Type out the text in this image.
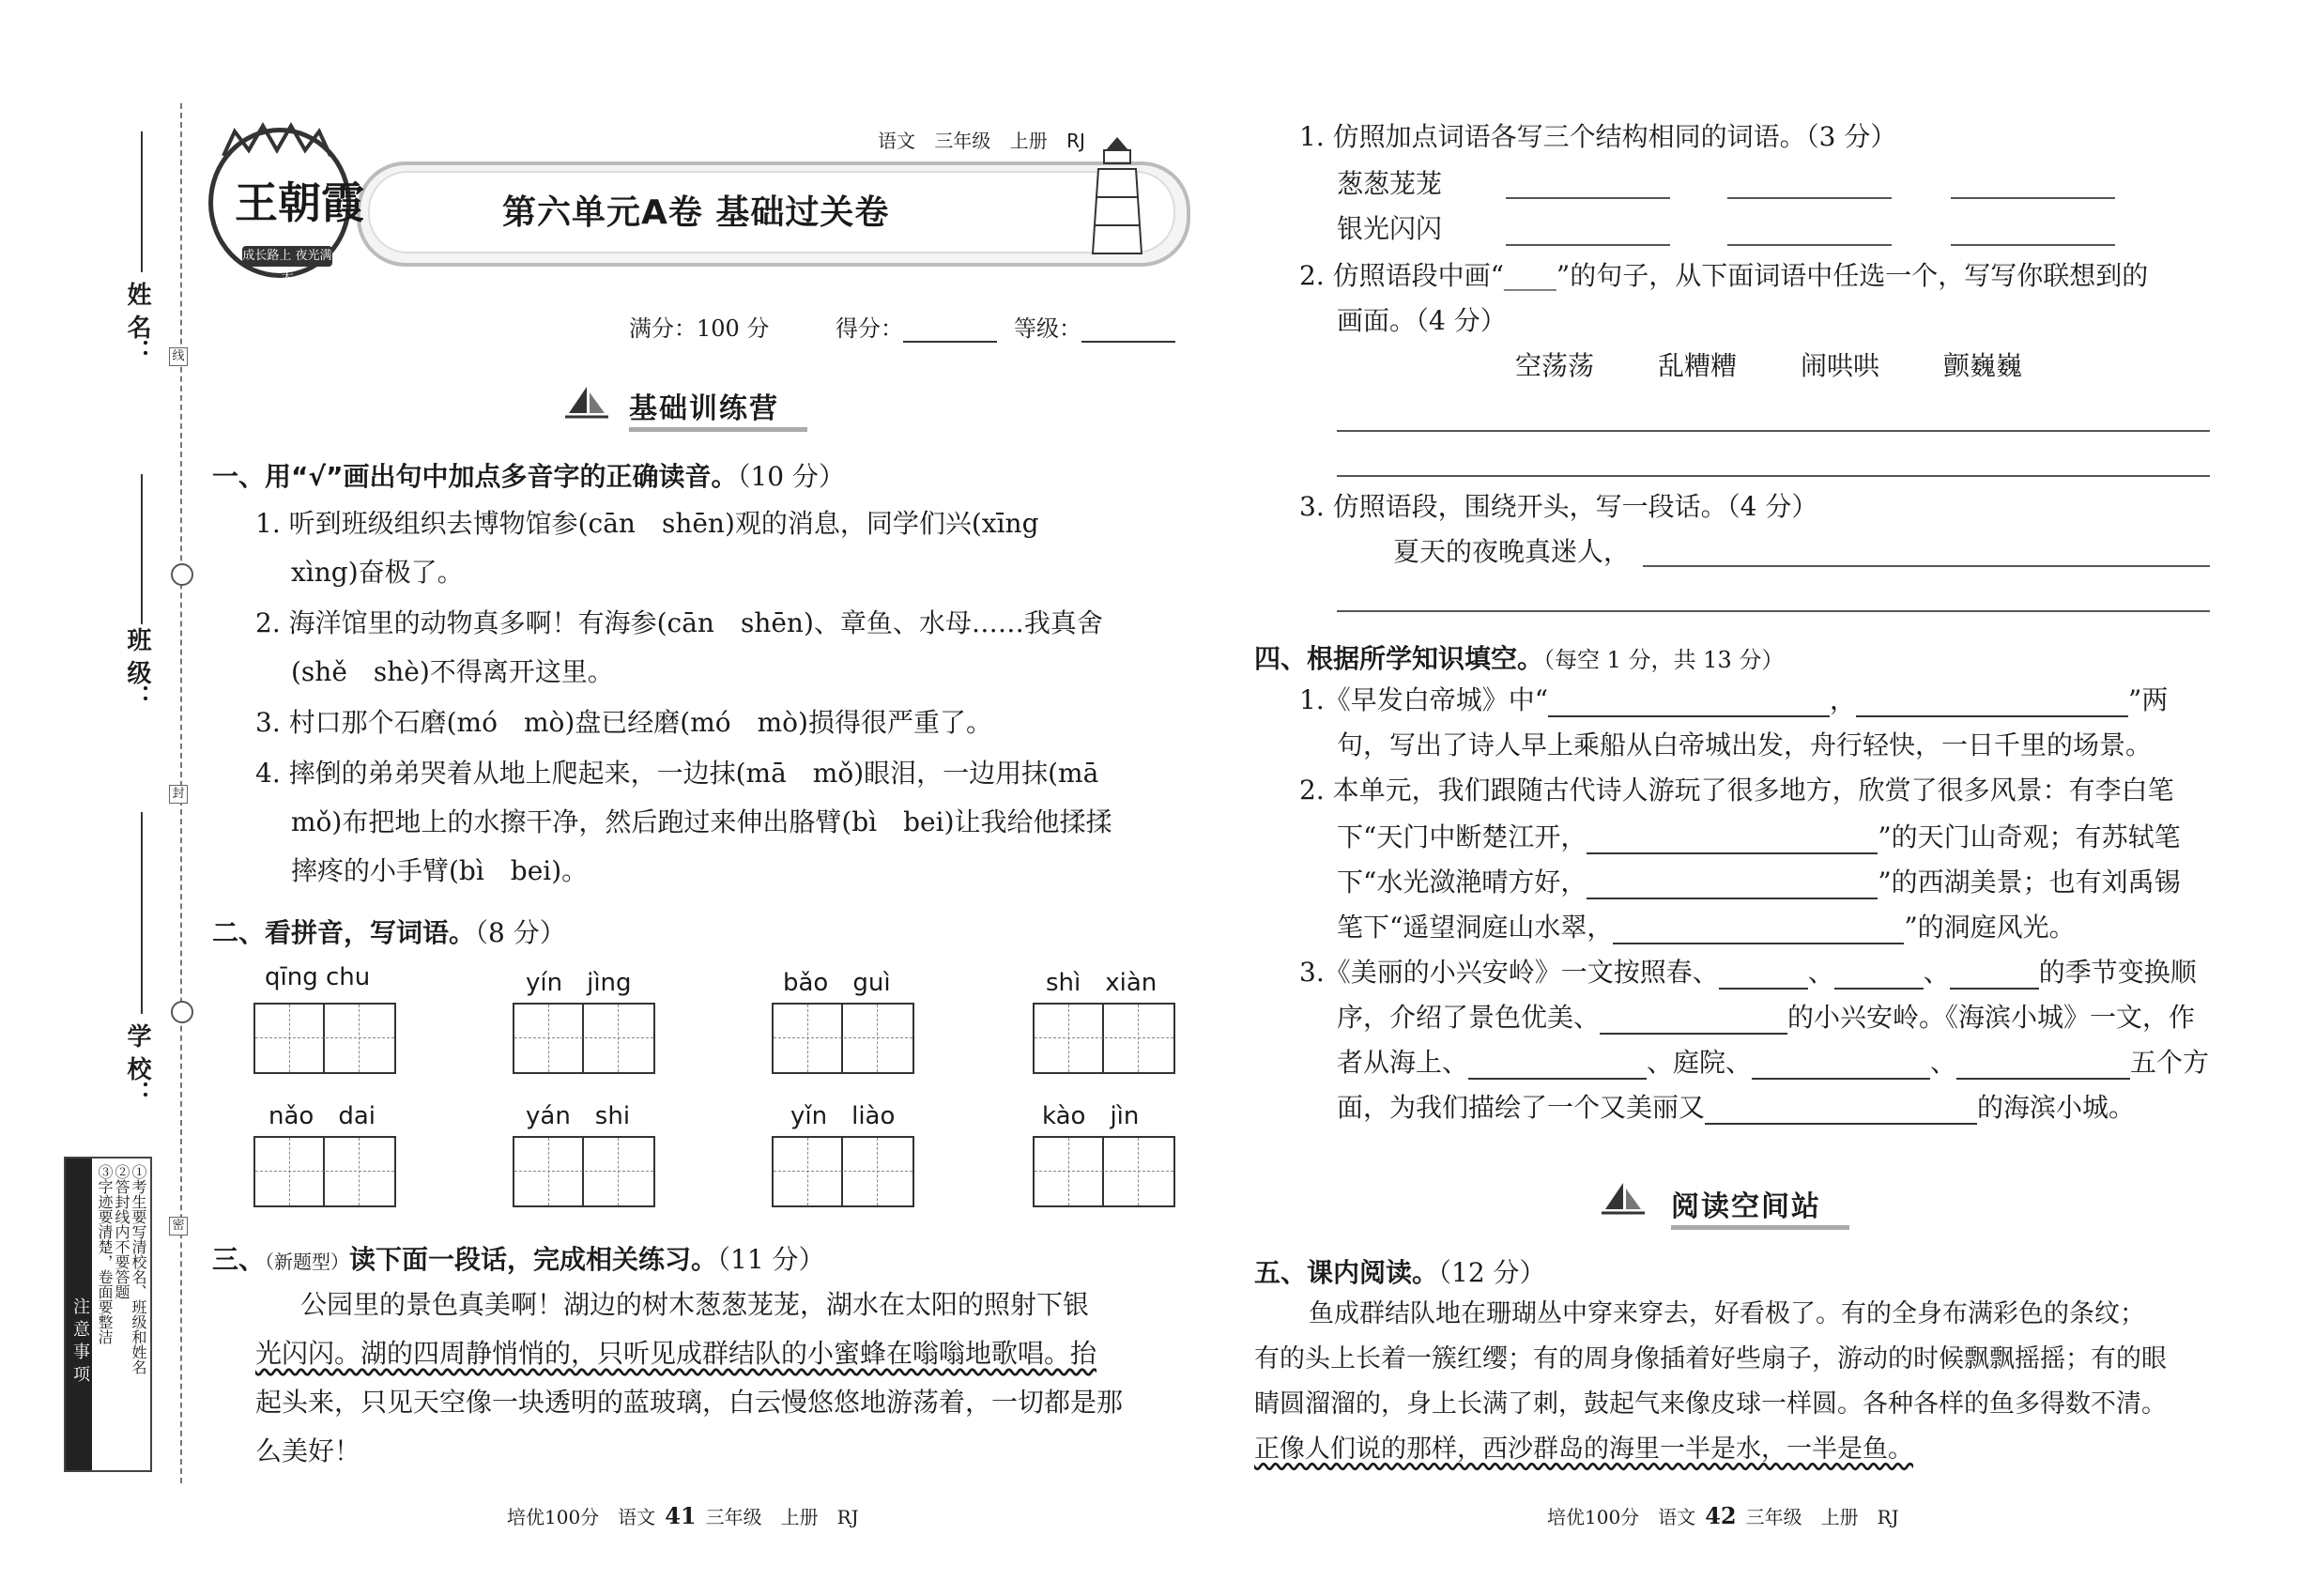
姓 名：	线
班 级：
封
学 校：
密
注意事项	①考生要写清校名、班级和姓名
②答封线内不要答题
③字迹要清楚，卷面要整洁
第六单元A卷 基础过关卷
王朝霞
成长路上 夜光满天
语文 三年级 上册 RJ
满分：100 分	得分：	等级：
基础训练营
一、用“√”画出句中加点多音字的正确读音。（10 分）
1. 听到班级组织去博物馆参(cān　shēn)观的消息，同学们兴(xīng
xìng)奋极了。
2. 海洋馆里的动物真多啊！有海参(cān　shēn)、章鱼、水母……我真舍
(shě　shè)不得离开这里。
3. 村口那个石磨(mó　mò)盘已经磨(mó　mò)损得很严重了。
4. 摔倒的弟弟哭着从地上爬起来，一边抹(mā　mǒ)眼泪，一边用抹(mā
mǒ)布把地上的水擦干净，然后跑过来伸出胳臂(bì　bei)让我给他揉揉
摔疼的小手臂(bì　bei)。
二、看拼音，写词语。（8 分）
qīng chu	yín　jìng	bǎo　guì	shì　xiàn
nǎo　dai	yán　shi	yǐn　liào	kào　jìn
三、（新题型）读下面一段话，完成相关练习。（11 分）
公园里的景色真美啊！湖边的树木葱葱茏茏，湖水在太阳的照射下银
光闪闪。湖的四周静悄悄的，只听见成群结队的小蜜蜂在嗡嗡地歌唱。抬
起头来，只见天空像一块透明的蓝玻璃，白云慢悠悠地游荡着，一切都是那
么美好！
培优100分　语文 41 三年级　上册　RJ
1. 仿照加点词语各写三个结构相同的词语。（3 分）
葱葱茏茏
银光闪闪
2. 仿照语段中画“____”的句子，从下面词语中任选一个，写写你联想到的
画面。（4 分）
空荡荡 乱糟糟 闹哄哄 颤巍巍
3. 仿照语段，围绕开头，写一段话。（4 分）
夏天的夜晚真迷人，
四、根据所学知识填空。（每空 1 分，共 13 分）
1.《早发白帝城》中“	，	”两
句，写出了诗人早上乘船从白帝城出发，舟行轻快，一日千里的场景。
2. 本单元，我们跟随古代诗人游玩了很多地方，欣赏了很多风景：有李白笔
下“天门中断楚江开，	”的天门山奇观；有苏轼笔
下“水光潋滟晴方好，	”的西湖美景；也有刘禹锡
笔下“遥望洞庭山水翠，	”的洞庭风光。
3.《美丽的小兴安岭》一文按照春、	、	、	的季节变换顺
序，介绍了景色优美、	的小兴安岭。《海滨小城》一文，作
者从海上、	、庭院、	、	五个方
面，为我们描绘了一个又美丽又	的海滨小城。
阅读空间站
五、课内阅读。（12 分）
鱼成群结队地在珊瑚丛中穿来穿去，好看极了。有的全身布满彩色的条纹；
有的头上长着一簇红缨；有的周身像插着好些扇子，游动的时候飘飘摇摇；有的眼
睛圆溜溜的，身上长满了刺，鼓起气来像皮球一样圆。各种各样的鱼多得数不清。
正像人们说的那样，西沙群岛的海里一半是水，一半是鱼。
培优100分　语文 42 三年级　上册　RJ
